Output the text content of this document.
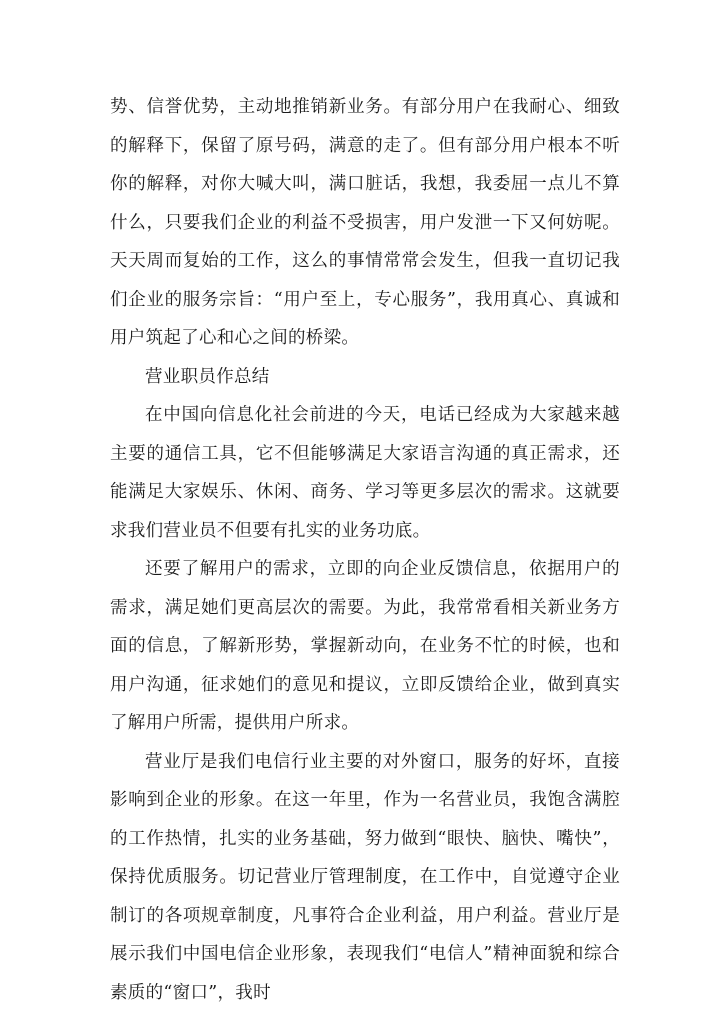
势、信誉优势，主动地推销新业务。有部分用户在我耐心、细致的解释下，保留了原号码，满意的走了。但有部分用户根本不听你的解释，对你大喊大叫，满口脏话，我想，我委屈一点儿不算什么，只要我们企业的利益不受损害，用户发泄一下又何妨呢。天天周而复始的工作，这么的事情常常会发生，但我一直切记我们企业的服务宗旨：“用户至上，专心服务”，我用真心、真诚和用户筑起了心和心之间的桥梁。

营业职员作总结

在中国向信息化社会前进的今天，电话已经成为大家越来越主要的通信工具，它不但能够满足大家语言沟通的真正需求，还能满足大家娱乐、休闲、商务、学习等更多层次的需求。这就要求我们营业员不但要有扎实的业务功底。

还要了解用户的需求，立即的向企业反馈信息，依据用户的需求，满足她们更高层次的需要。为此，我常常看相关新业务方面的信息，了解新形势，掌握新动向，在业务不忙的时候，也和用户沟通，征求她们的意见和提议，立即反馈给企业，做到真实了解用户所需，提供用户所求。

营业厅是我们电信行业主要的对外窗口，服务的好坏，直接影响到企业的形象。在这一年里，作为一名营业员，我饱含满腔的工作热情，扎实的业务基础，努力做到“眼快、脑快、嘴快”，保持优质服务。切记营业厅管理制度，在工作中，自觉遵守企业制订的各项规章制度，凡事符合企业利益，用户利益。营业厅是展示我们中国电信企业形象，表现我们“电信人”精神面貌和综合素质的“窗口”，我时
